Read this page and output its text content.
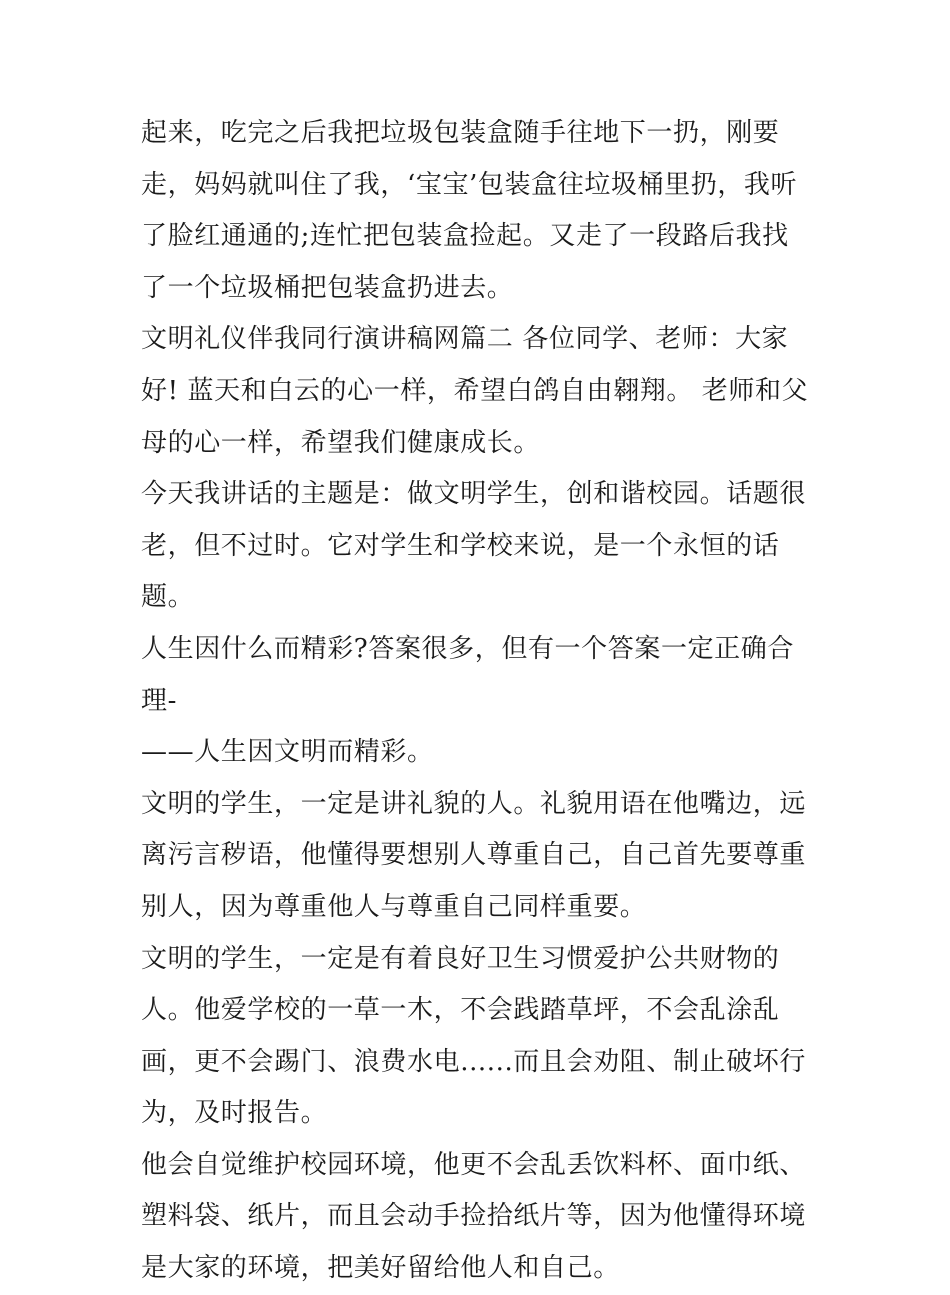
起来，吃完之后我把垃圾包装盒随手往地下一扔，刚要走，妈妈就叫住了我，‘宝宝’包装盒往垃圾桶里扔，我听了脸红通通的;连忙把包装盒捡起。又走了一段路后我找了一个垃圾桶把包装盒扔进去。

文明礼仪伴我同行演讲稿网篇二 各位同学、老师：大家好! 蓝天和白云的心一样，希望白鸽自由翱翔。 老师和父母的心一样，希望我们健康成长。

今天我讲话的主题是：做文明学生，创和谐校园。话题很老，但不过时。它对学生和学校来说，是一个永恒的话题。

人生因什么而精彩?答案很多，但有一个答案一定正确合理-

——人生因文明而精彩。

文明的学生，一定是讲礼貌的人。礼貌用语在他嘴边，远离污言秽语，他懂得要想别人尊重自己，自己首先要尊重别人，因为尊重他人与尊重自己同样重要。

文明的学生，一定是有着良好卫生习惯爱护公共财物的人。他爱学校的一草一木，不会践踏草坪，不会乱涂乱画，更不会踢门、浪费水电......而且会劝阻、制止破坏行为，及时报告。

他会自觉维护校园环境，他更不会乱丢饮料杯、面巾纸、塑料袋、纸片，而且会动手捡拾纸片等，因为他懂得环境是大家的环境，把美好留给他人和自己。
